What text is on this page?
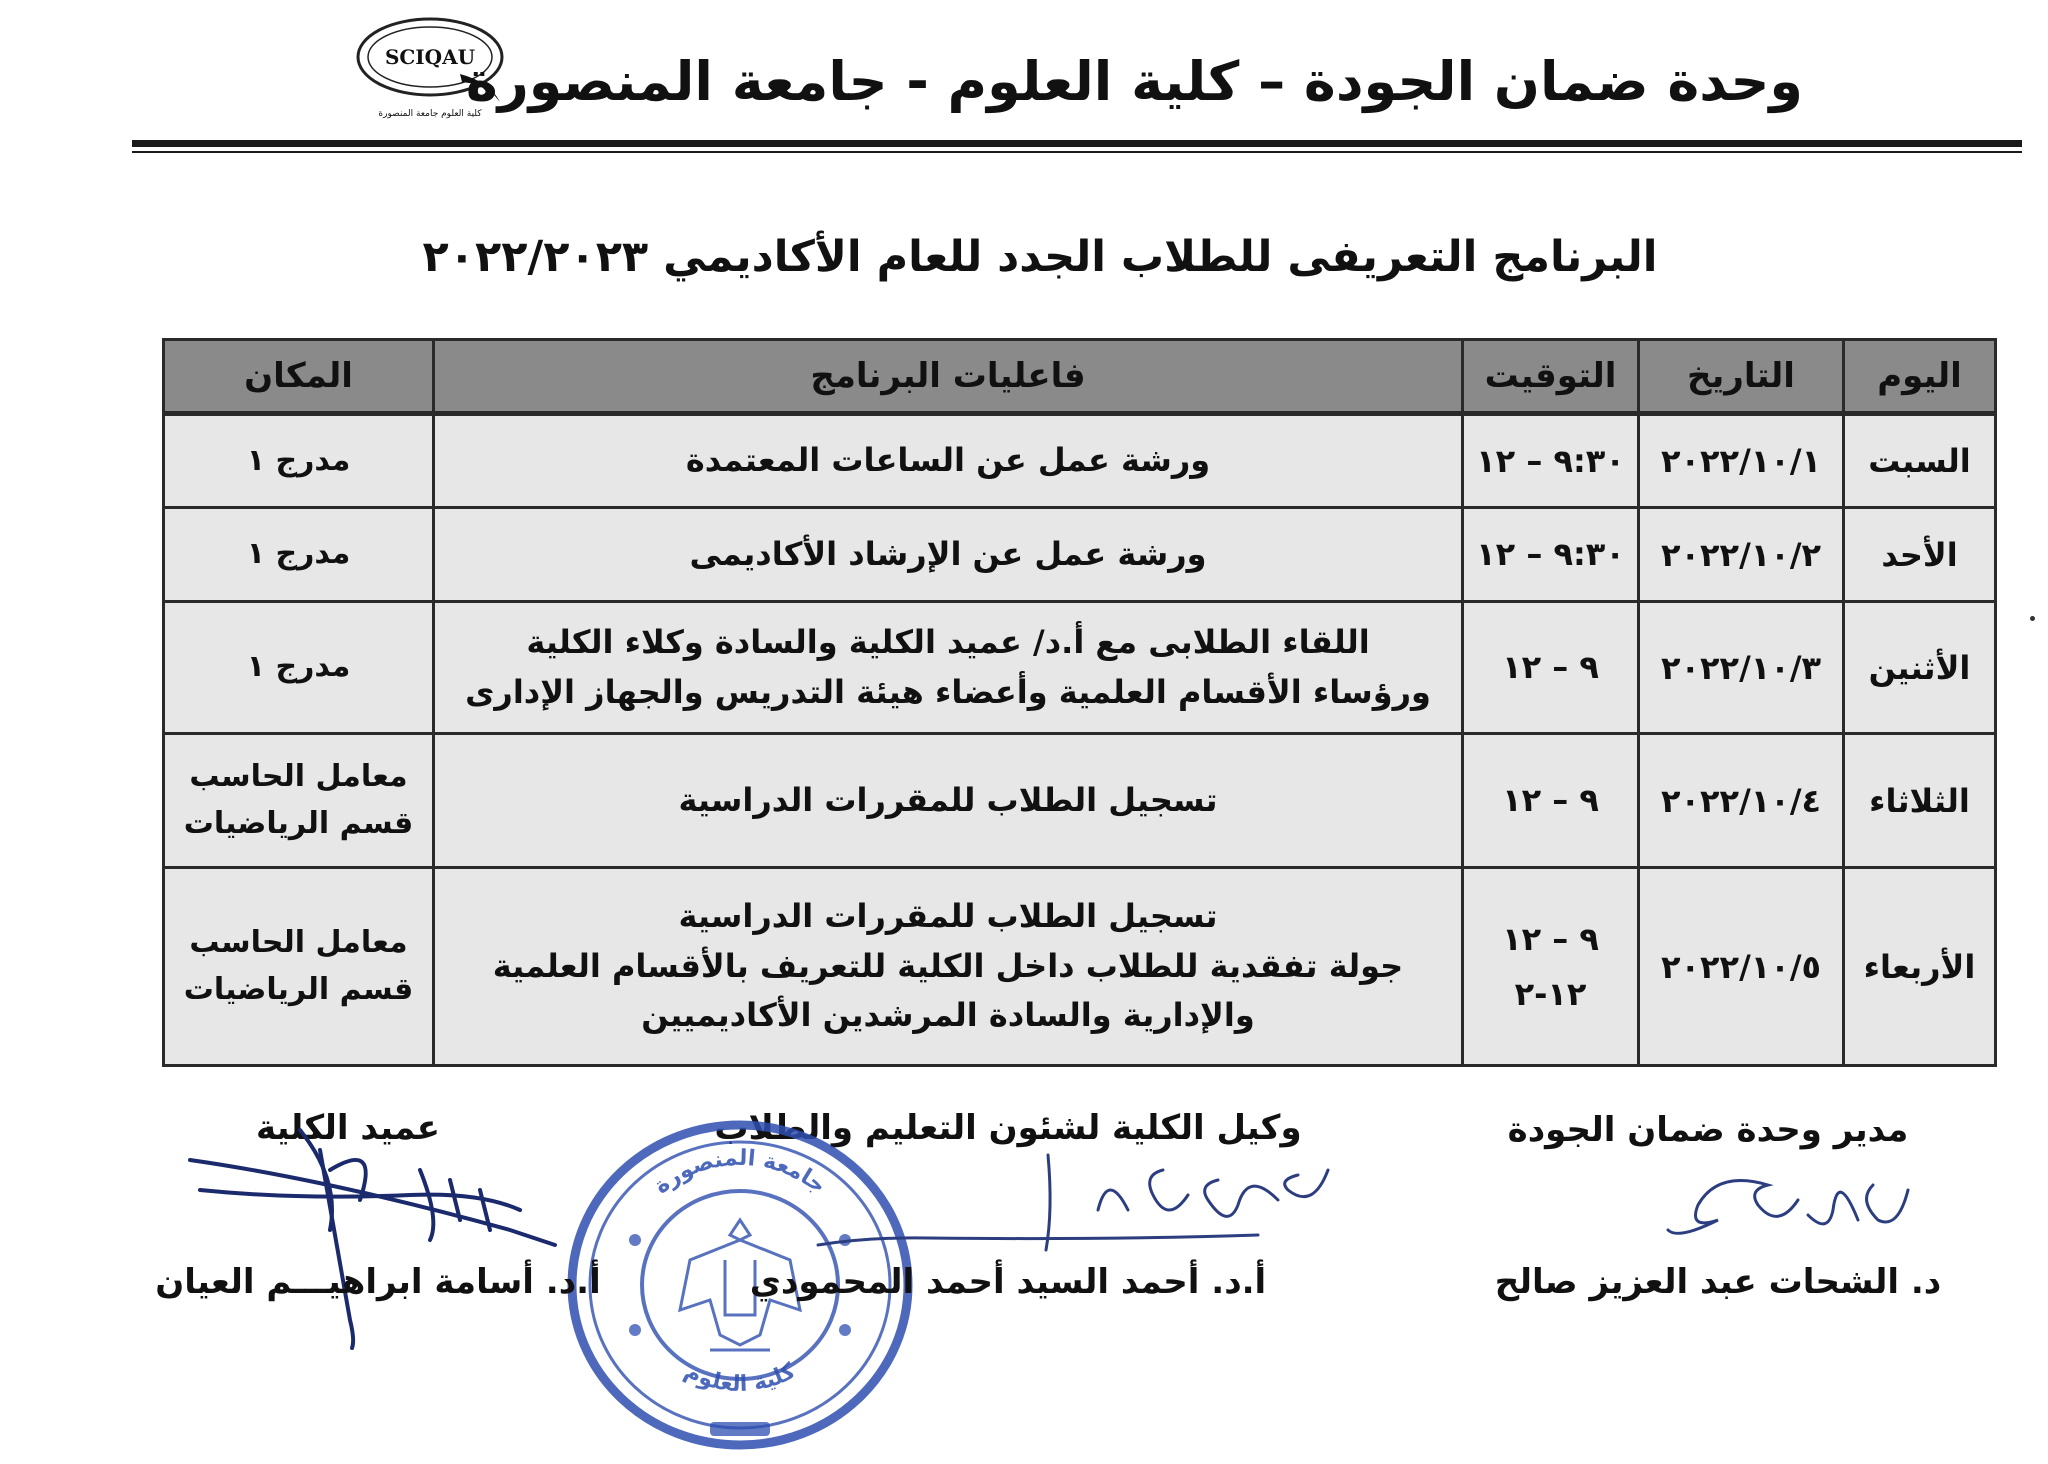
SCIQAU
كلية العلوم جامعة المنصورة
وحدة ضمان الجودة – كلية العلوم - جامعة المنصورة
البرنامج التعريفى للطلاب الجدد للعام الأكاديمي ٢٠٢٢/٢٠٢٣
اليوم	التاريخ	التوقيت	فاعليات البرنامج	المكان
السبت	٢٠٢٢/١٠/١	٩:٣٠ – ١٢	ورشة عمل عن الساعات المعتمدة	مدرج ١

الأحد	٢٠٢٢/١٠/٢	٩:٣٠ – ١٢	ورشة عمل عن الإرشاد الأكاديمى	مدرج ١

الأثنين	٢٠٢٢/١٠/٣	٩ – ١٢	اللقاء الطلابى مع أ.د/ عميد الكلية والسادة وكلاء الكلية
ورؤساء الأقسام العلمية وأعضاء هيئة التدريس والجهاز الإدارى	مدرج ١

الثلاثاء	٢٠٢٢/١٠/٤	٩ – ١٢	تسجيل الطلاب للمقررات الدراسية	معامل الحاسب
قسم الرياضيات

الأربعاء	٢٠٢٢/١٠/٥	٩ – ١٢
١٢-٢	تسجيل الطلاب للمقررات الدراسية
جولة تفقدية للطلاب داخل الكلية للتعريف بالأقسام العلمية
والإدارية والسادة المرشدين الأكاديميين	معامل الحاسب
قسم الرياضيات
مدير وحدة ضمان الجودة
وكيل الكلية لشئون التعليم والطلاب
عميد الكلية
جامعة المنصورة
كلية العلوم
د. الشحات عبد العزيز صالح
أ.د. أحمد السيد أحمد المحمودي
أ.د. أسامة ابراهيـــم العيان
